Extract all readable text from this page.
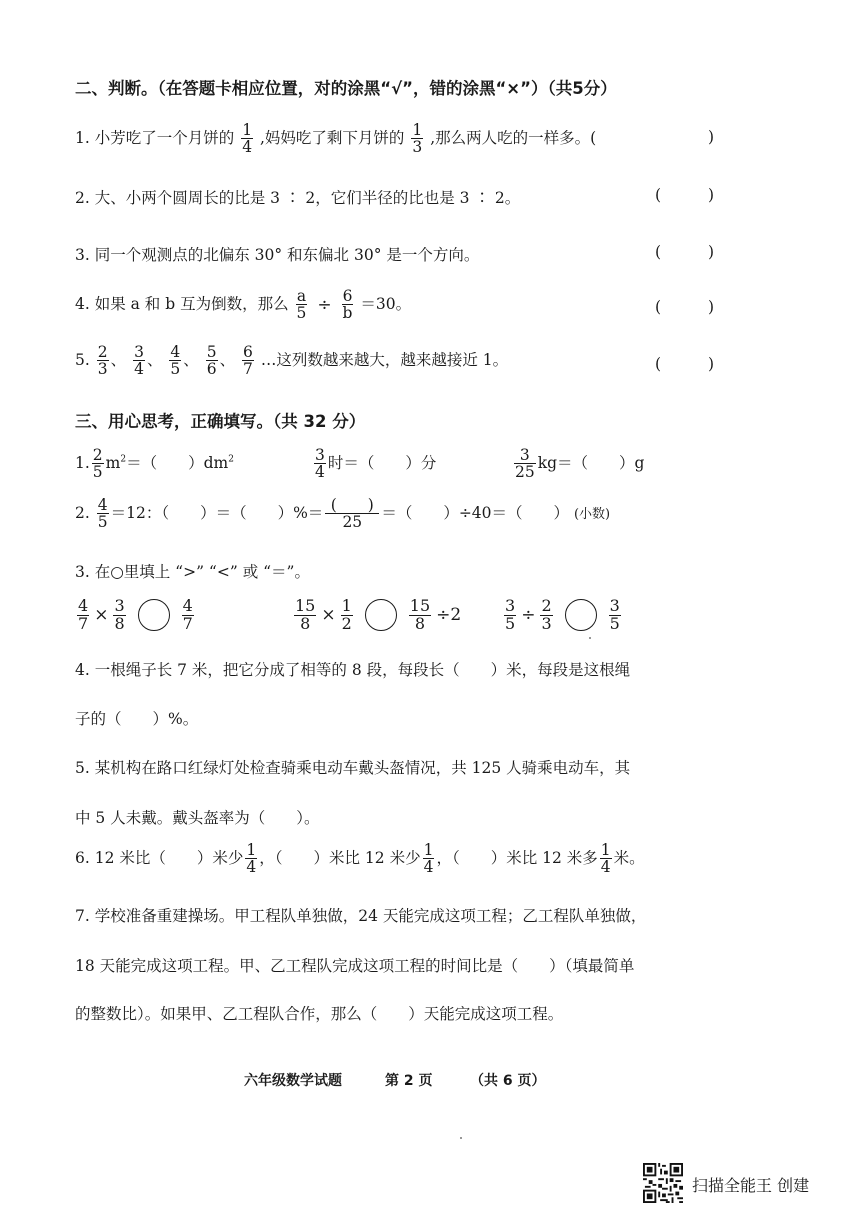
二、判断。（在答题卡相应位置，对的涂黑“√”，错的涂黑“×”）（共5分）
1. 小芳吃了一个月饼的 $\frac{1}{4}$ ,妈妈吃了剩下月饼的 $\frac{1}{3}$ ,那么两人吃的一样多。(	)
2. 大、小两个圆周长的比是 3 ∶ 2，它们半径的比也是 3 ∶ 2。	(	)
3. 同一个观测点的北偏东 30° 和东偏北 30° 是一个方向。	(	)
4. 如果 a 和 b 互为倒数，那么 $\frac{a}{5} \div \frac{6}{b} =30$。	(	)
5. $\frac{2}{3}$ 、 $\frac{3}{4}$ 、 $\frac{4}{5}$ 、 $\frac{5}{6}$ 、 $\frac{6}{7}$ …这列数越来越大，越来越接近 1。	(	)
三、用心思考，正确填写。（共 32 分）
1. $\frac{2}{5} m^2=$（　　）$dm^2$	$\frac{3}{4}$ 时＝（　　）分	$\frac{3}{25} kg=$（　　）g
2. $\frac{4}{5} =12$：（　　）＝（　　）%＝ $\frac{( )}{25}$ ＝（　　）÷40＝（　　） (小数)
3. 在○里填上 “>” “<” 或 “＝”。
$\frac{4}{7} \times \frac{3}{8}$	$\frac{4}{7}$	$\frac{15}{8} \times \frac{1}{2}$	$\frac{15}{8} \div 2$	$\frac{3}{5} \div \frac{2}{3}$	$\frac{3}{5}$
4. 一根绳子长 7 米，把它分成了相等的 8 段，每段长（　　）米，每段是这根绳
子的（　　）%。
5. 某机构在路口红绿灯处检查骑乘电动车戴头盔情况，共 125 人骑乘电动车，其
中 5 人未戴。戴头盔率为（　　）。
6. 12 米比（　　）米少 $\frac{1}{4}$ ，（　　）米比 12 米少 $\frac{1}{4}$ ，（　　）米比 12 米多 $\frac{1}{4}$ 米。
7. 学校准备重建操场。甲工程队单独做，24 天能完成这项工程；乙工程队单独做，
18 天能完成这项工程。甲、乙工程队完成这项工程的时间比是（　　）（填最简单
的整数比）。如果甲、乙工程队合作，那么（　　）天能完成这项工程。
六年级数学试题	第 2 页	（共 6 页）
扫描全能王 创建
